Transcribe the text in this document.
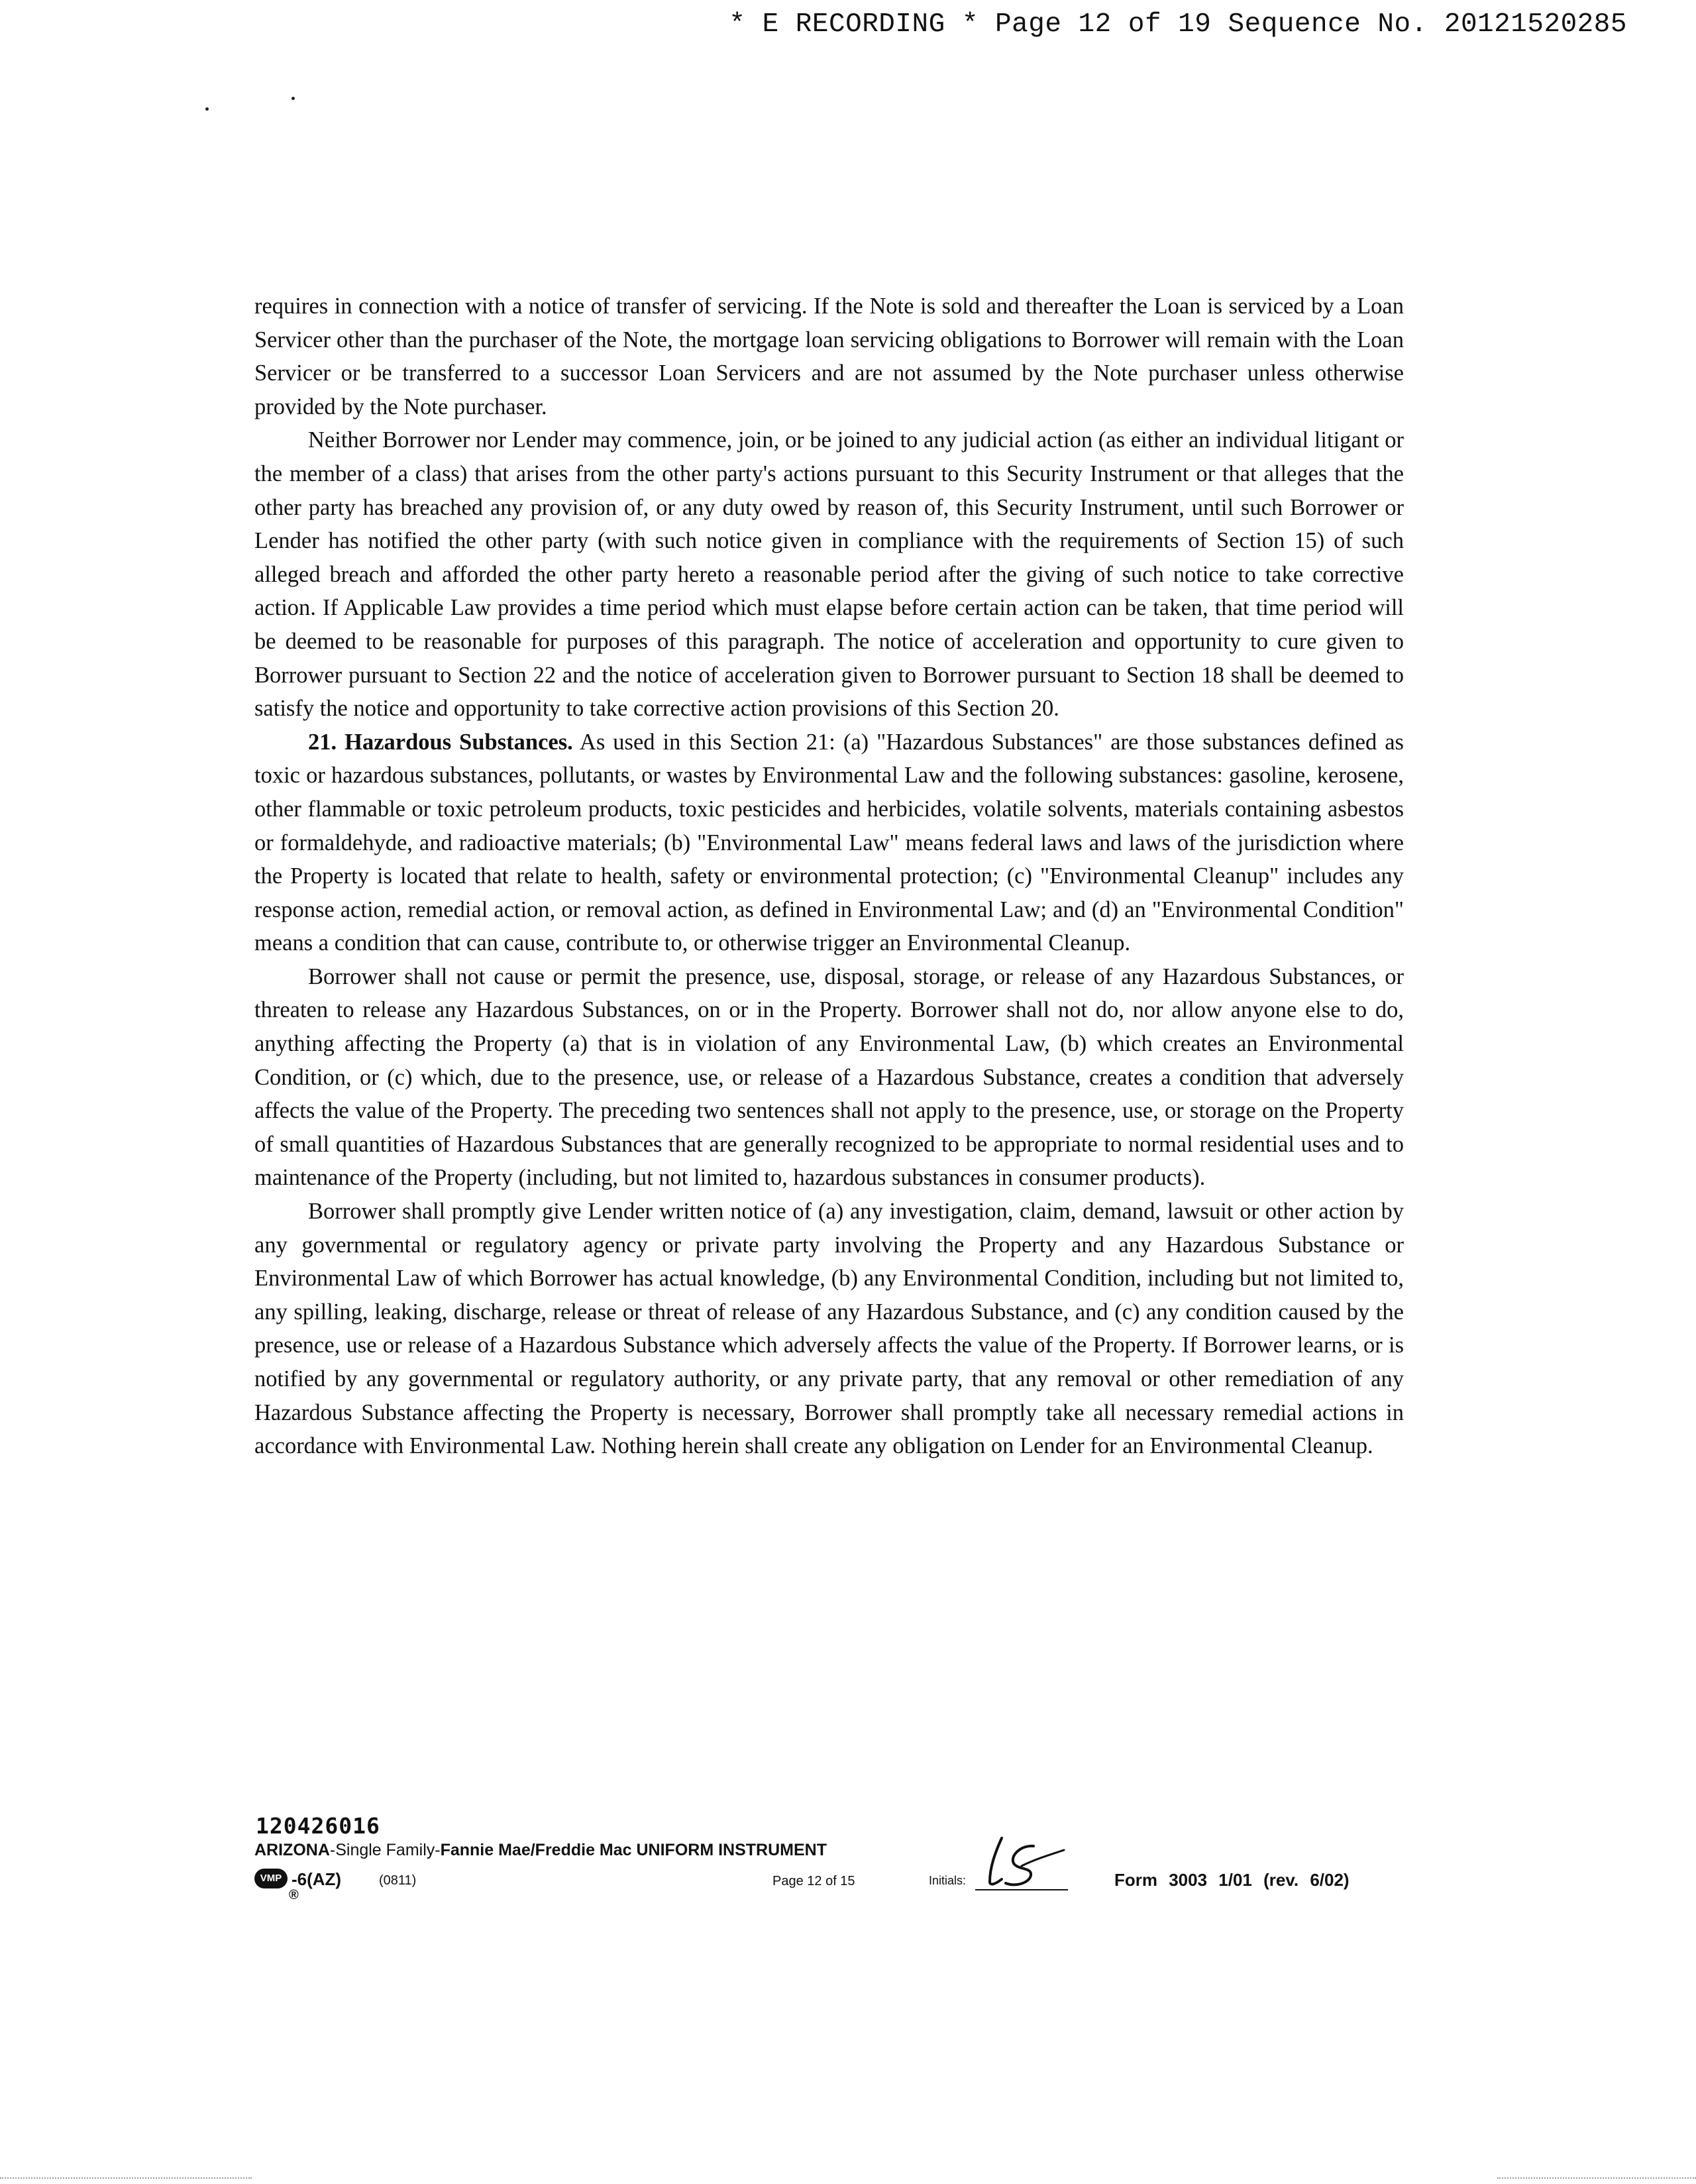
* E RECORDING * Page 12 of 19 Sequence No. 20121520285

requires in connection with a notice of transfer of servicing. If the Note is sold and thereafter the Loan is serviced by a Loan Servicer other than the purchaser of the Note, the mortgage loan servicing obligations to Borrower will remain with the Loan Servicer or be transferred to a successor Loan Servicers and are not assumed by the Note purchaser unless otherwise provided by the Note purchaser.

Neither Borrower nor Lender may commence, join, or be joined to any judicial action (as either an individual litigant or the member of a class) that arises from the other party's actions pursuant to this Security Instrument or that alleges that the other party has breached any provision of, or any duty owed by reason of, this Security Instrument, until such Borrower or Lender has notified the other party (with such notice given in compliance with the requirements of Section 15) of such alleged breach and afforded the other party hereto a reasonable period after the giving of such notice to take corrective action. If Applicable Law provides a time period which must elapse before certain action can be taken, that time period will be deemed to be reasonable for purposes of this paragraph. The notice of acceleration and opportunity to cure given to Borrower pursuant to Section 22 and the notice of acceleration given to Borrower pursuant to Section 18 shall be deemed to satisfy the notice and opportunity to take corrective action provisions of this Section 20.

21. Hazardous Substances. As used in this Section 21: (a) "Hazardous Substances" are those substances defined as toxic or hazardous substances, pollutants, or wastes by Environmental Law and the following substances: gasoline, kerosene, other flammable or toxic petroleum products, toxic pesticides and herbicides, volatile solvents, materials containing asbestos or formaldehyde, and radioactive materials; (b) "Environmental Law" means federal laws and laws of the jurisdiction where the Property is located that relate to health, safety or environmental protection; (c) "Environmental Cleanup" includes any response action, remedial action, or removal action, as defined in Environmental Law; and (d) an "Environmental Condition" means a condition that can cause, contribute to, or otherwise trigger an Environmental Cleanup.

Borrower shall not cause or permit the presence, use, disposal, storage, or release of any Hazardous Substances, or threaten to release any Hazardous Substances, on or in the Property. Borrower shall not do, nor allow anyone else to do, anything affecting the Property (a) that is in violation of any Environmental Law, (b) which creates an Environmental Condition, or (c) which, due to the presence, use, or release of a Hazardous Substance, creates a condition that adversely affects the value of the Property. The preceding two sentences shall not apply to the presence, use, or storage on the Property of small quantities of Hazardous Substances that are generally recognized to be appropriate to normal residential uses and to maintenance of the Property (including, but not limited to, hazardous substances in consumer products).

Borrower shall promptly give Lender written notice of (a) any investigation, claim, demand, lawsuit or other action by any governmental or regulatory agency or private party involving the Property and any Hazardous Substance or Environmental Law of which Borrower has actual knowledge, (b) any Environmental Condition, including but not limited to, any spilling, leaking, discharge, release or threat of release of any Hazardous Substance, and (c) any condition caused by the presence, use or release of a Hazardous Substance which adversely affects the value of the Property. If Borrower learns, or is notified by any governmental or regulatory authority, or any private party, that any removal or other remediation of any Hazardous Substance affecting the Property is necessary, Borrower shall promptly take all necessary remedial actions in accordance with Environmental Law. Nothing herein shall create any obligation on Lender for an Environmental Cleanup.

120426016
ARIZONA-Single Family-Fannie Mae/Freddie Mac UNIFORM INSTRUMENT
VMP
®
-6(AZ)	(0811)	Page 12 of 15	Initials:	Form 3003 1/01 (rev. 6/02)
